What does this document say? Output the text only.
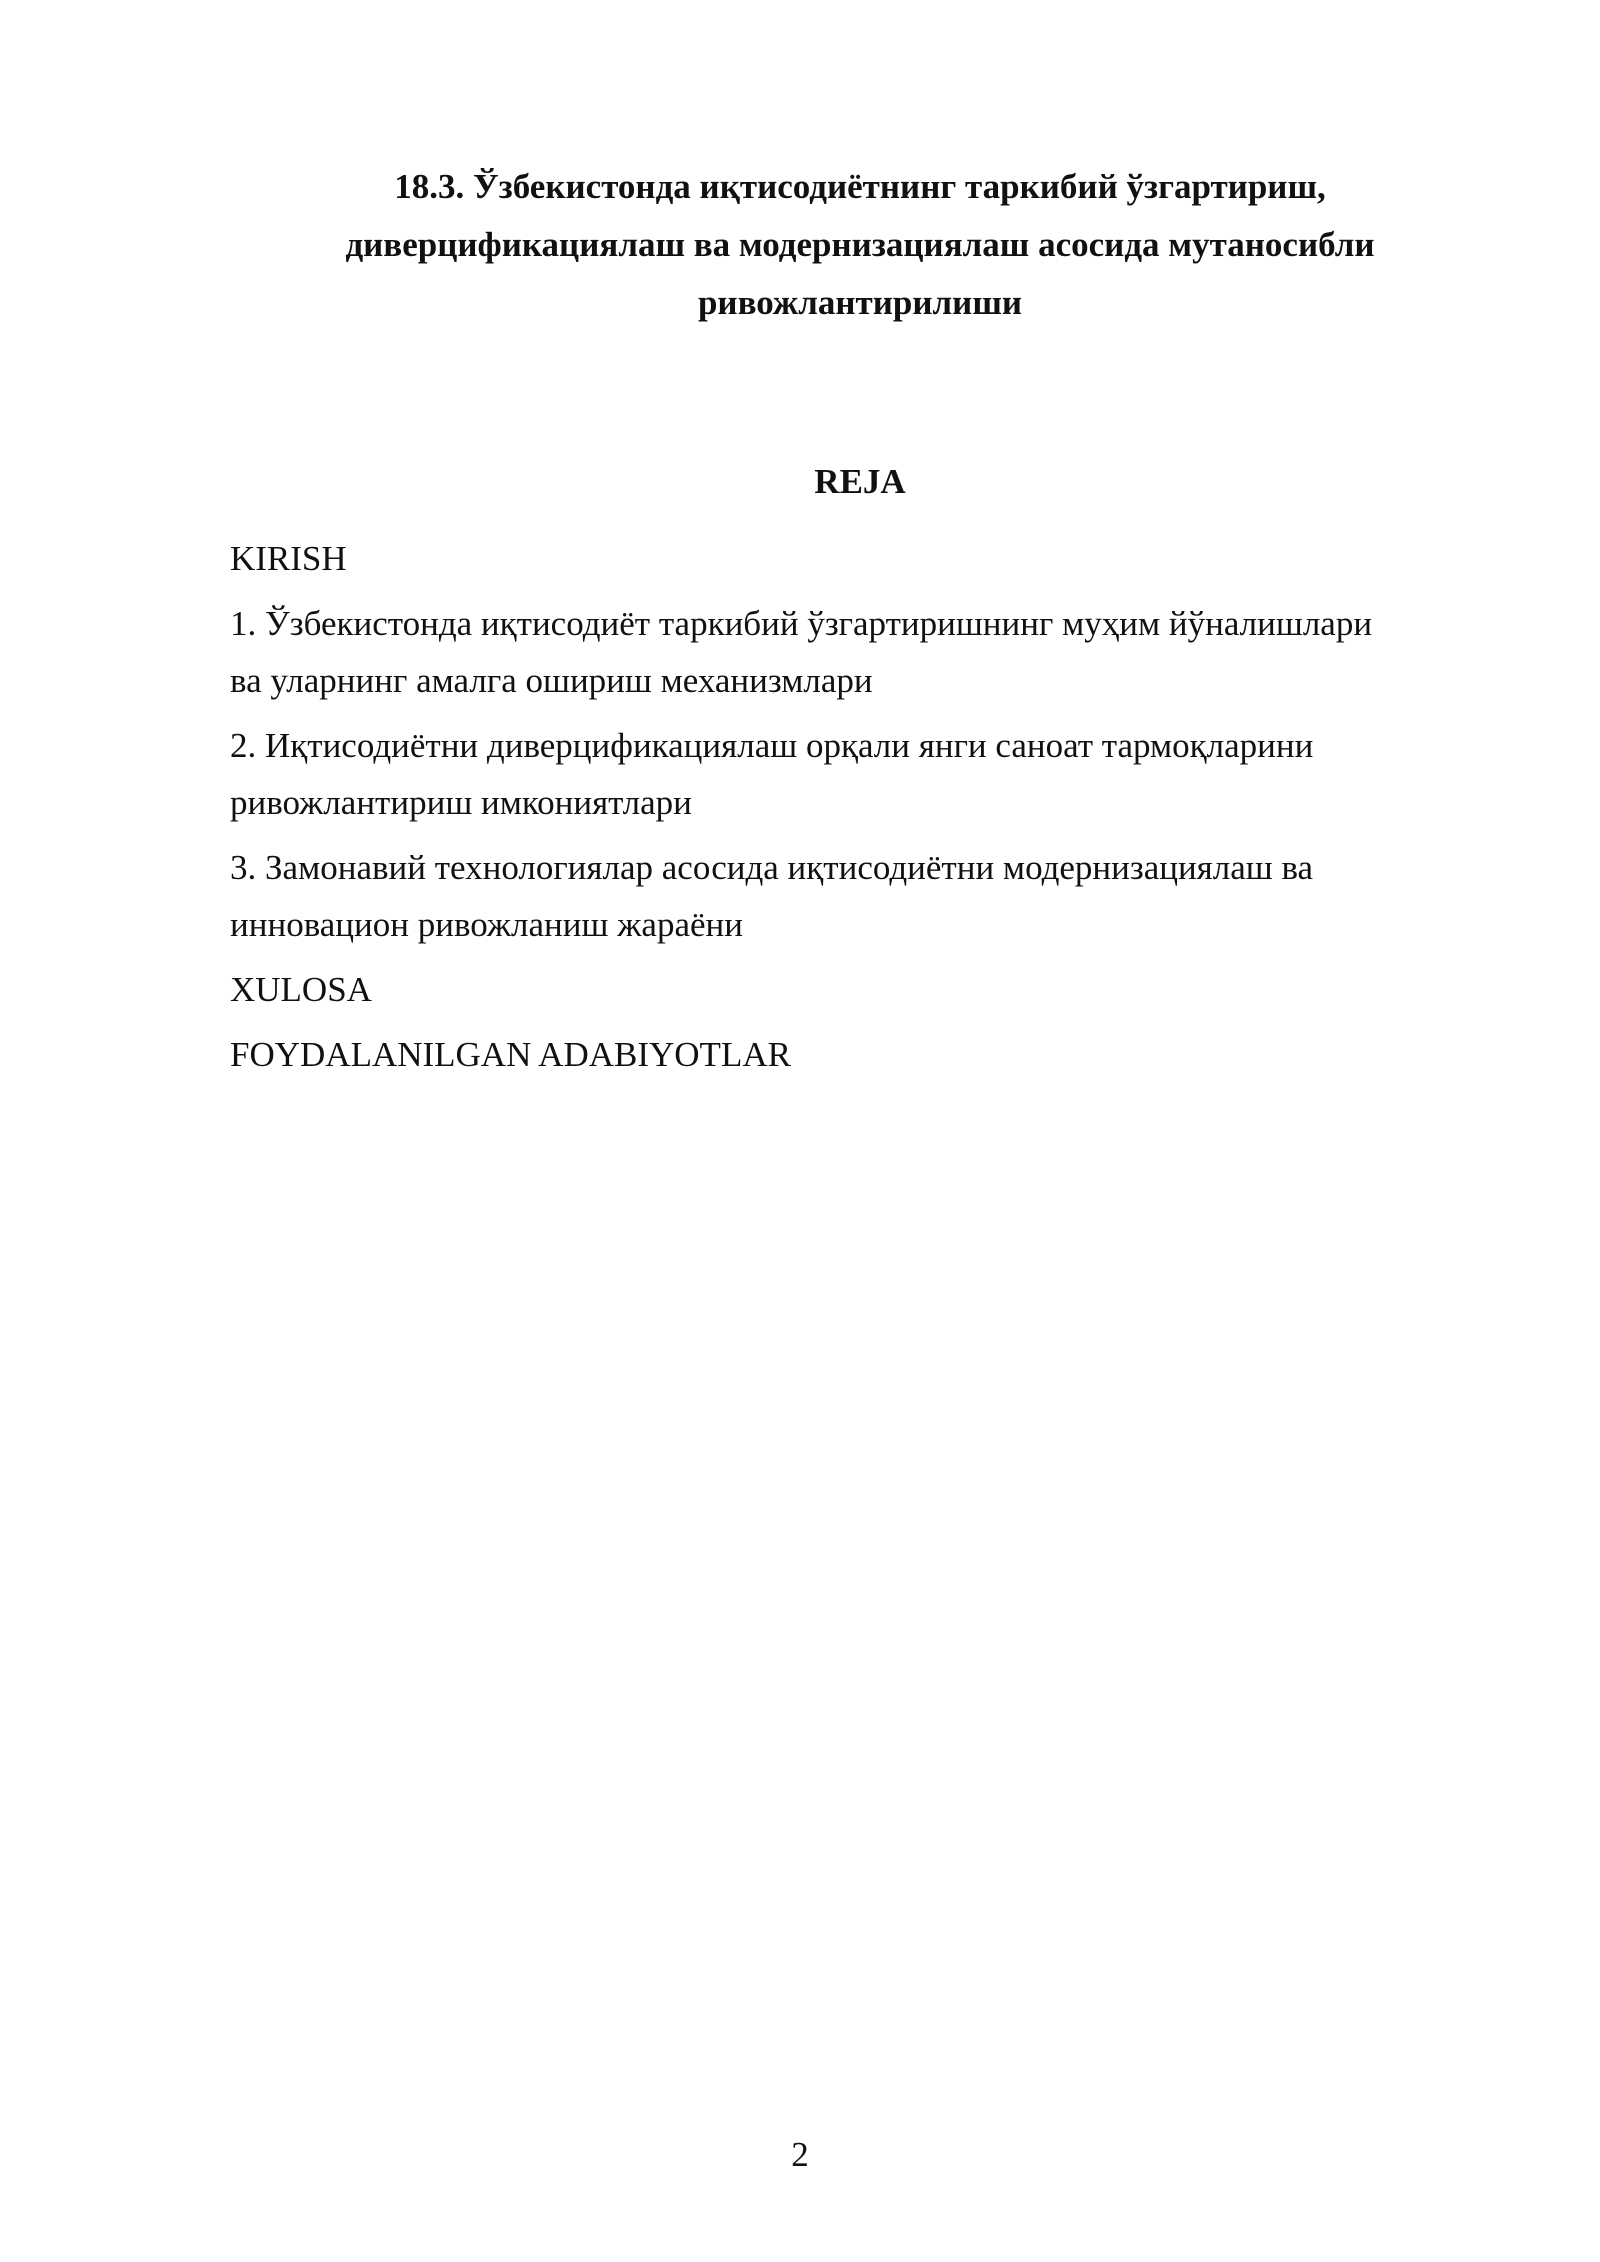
18.3. Ўзбекистонда иқтисодиётнинг таркибий ўзгартириш,
диверцификациялаш ва модернизациялаш асосида мутаносибли
ривожлантирилиши
REJA
KIRISH
1. Ўзбекистонда иқтисодиёт таркибий ўзгартиришнинг муҳим йўналишлари
ва уларнинг амалга ошириш механизмлари
2. Иқтисодиётни диверцификациялаш орқали янги саноат тармоқларини
ривожлантириш имкониятлари
3. Замонавий технологиялар асосида иқтисодиётни модернизациялаш ва
инновацион ривожланиш жараёни
XULOSA
FOYDALANILGAN ADABIYOTLAR
2
